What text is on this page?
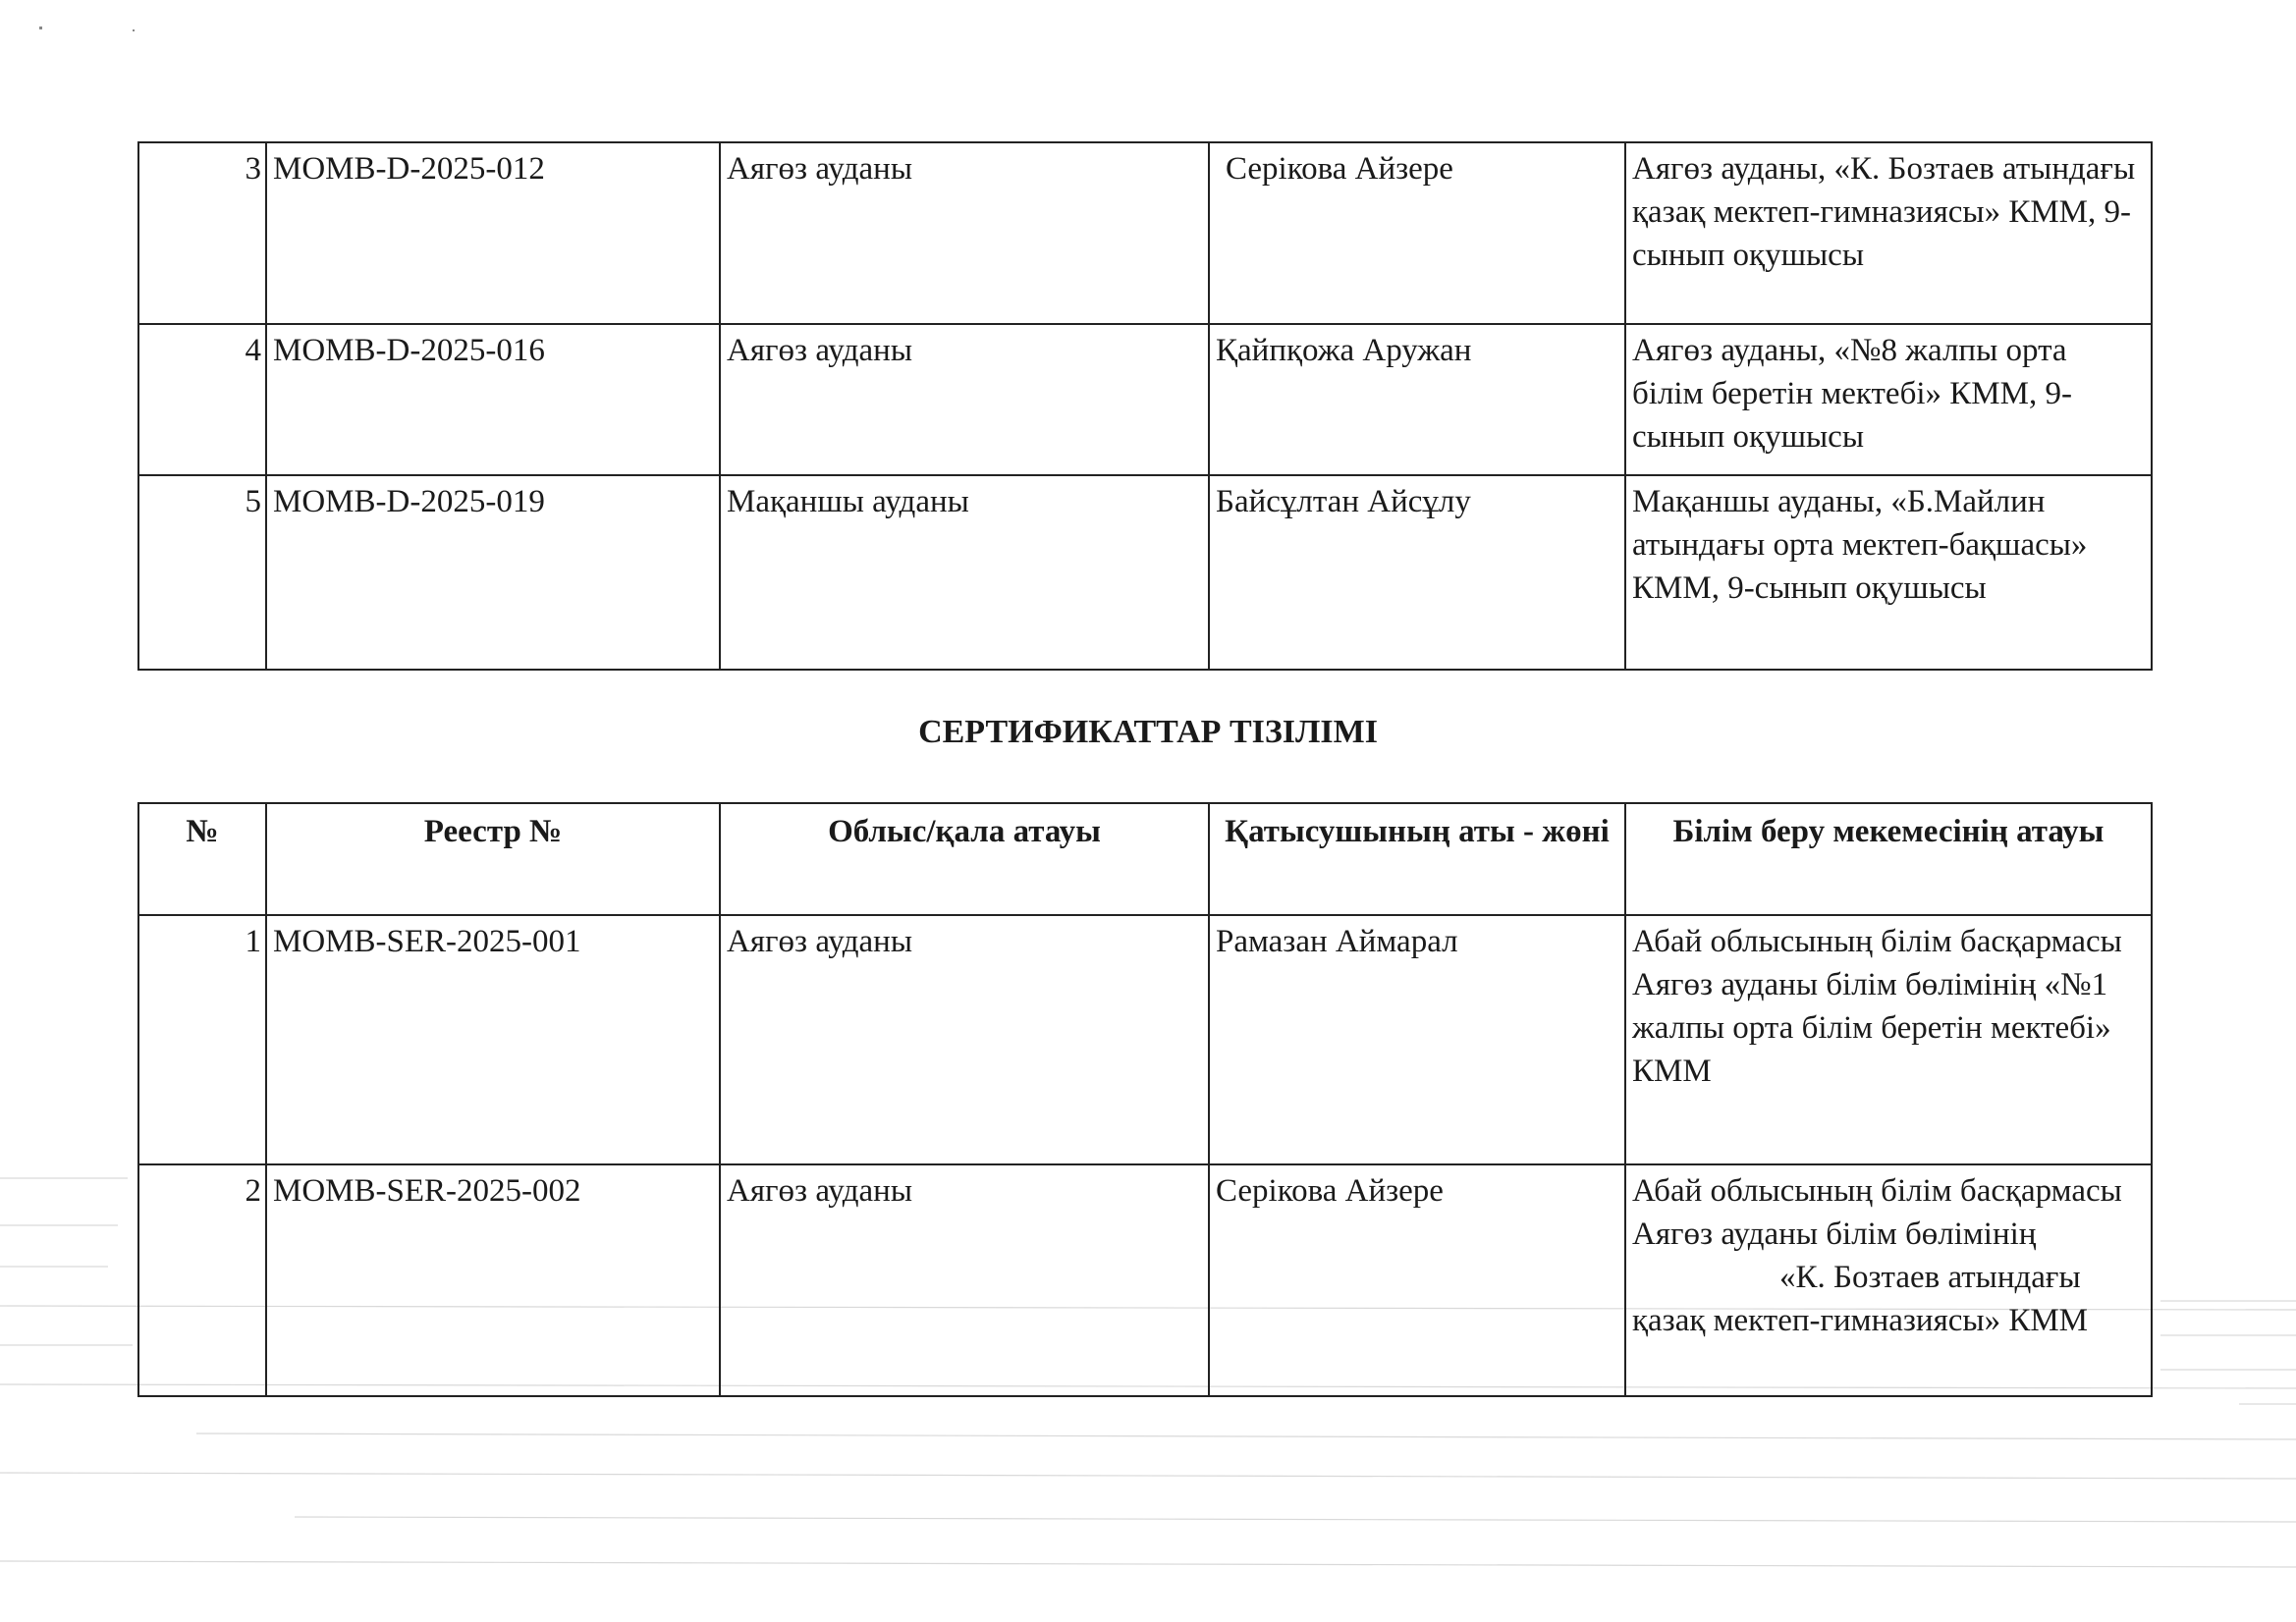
3	MOMB-D-2025-012	Аягөз ауданы	Серікова Айзере	Аягөз ауданы, «К. Бозтаев атындағы қазақ мектеп-гимназиясы» КММ, 9-сынып оқушысы
4	MOMB-D-2025-016	Аягөз ауданы	Қайпқожа Аружан	Аягөз ауданы, «№8 жалпы орта білім беретін мектебі» КММ, 9-сынып оқушысы
5	MOMB-D-2025-019	Мақаншы ауданы	Байсұлтан Айсұлу	Мақаншы ауданы, «Б.Майлин атындағы орта мектеп-бақшасы» КММ, 9-сынып оқушысы
СЕРТИФИКАТТАР ТІЗІЛІМІ
№	Реестр №	Облыс/қала атауы	Қатысушының аты - жөні	Білім беру мекемесінің атауы
1	MOMB-SER-2025-001	Аягөз ауданы	Рамазан Аймарал	Абай облысының білім басқармасы Аягөз ауданы білім бөлімінің «№1 жалпы орта білім беретін мектебі» КММ
2	MOMB-SER-2025-002	Аягөз ауданы	Серікова Айзере	Абай облысының білім басқармасы Аягөз ауданы білім бөлімінің«К. Бозтаев атындағы қазақ мектеп-гимназиясы» КММ
